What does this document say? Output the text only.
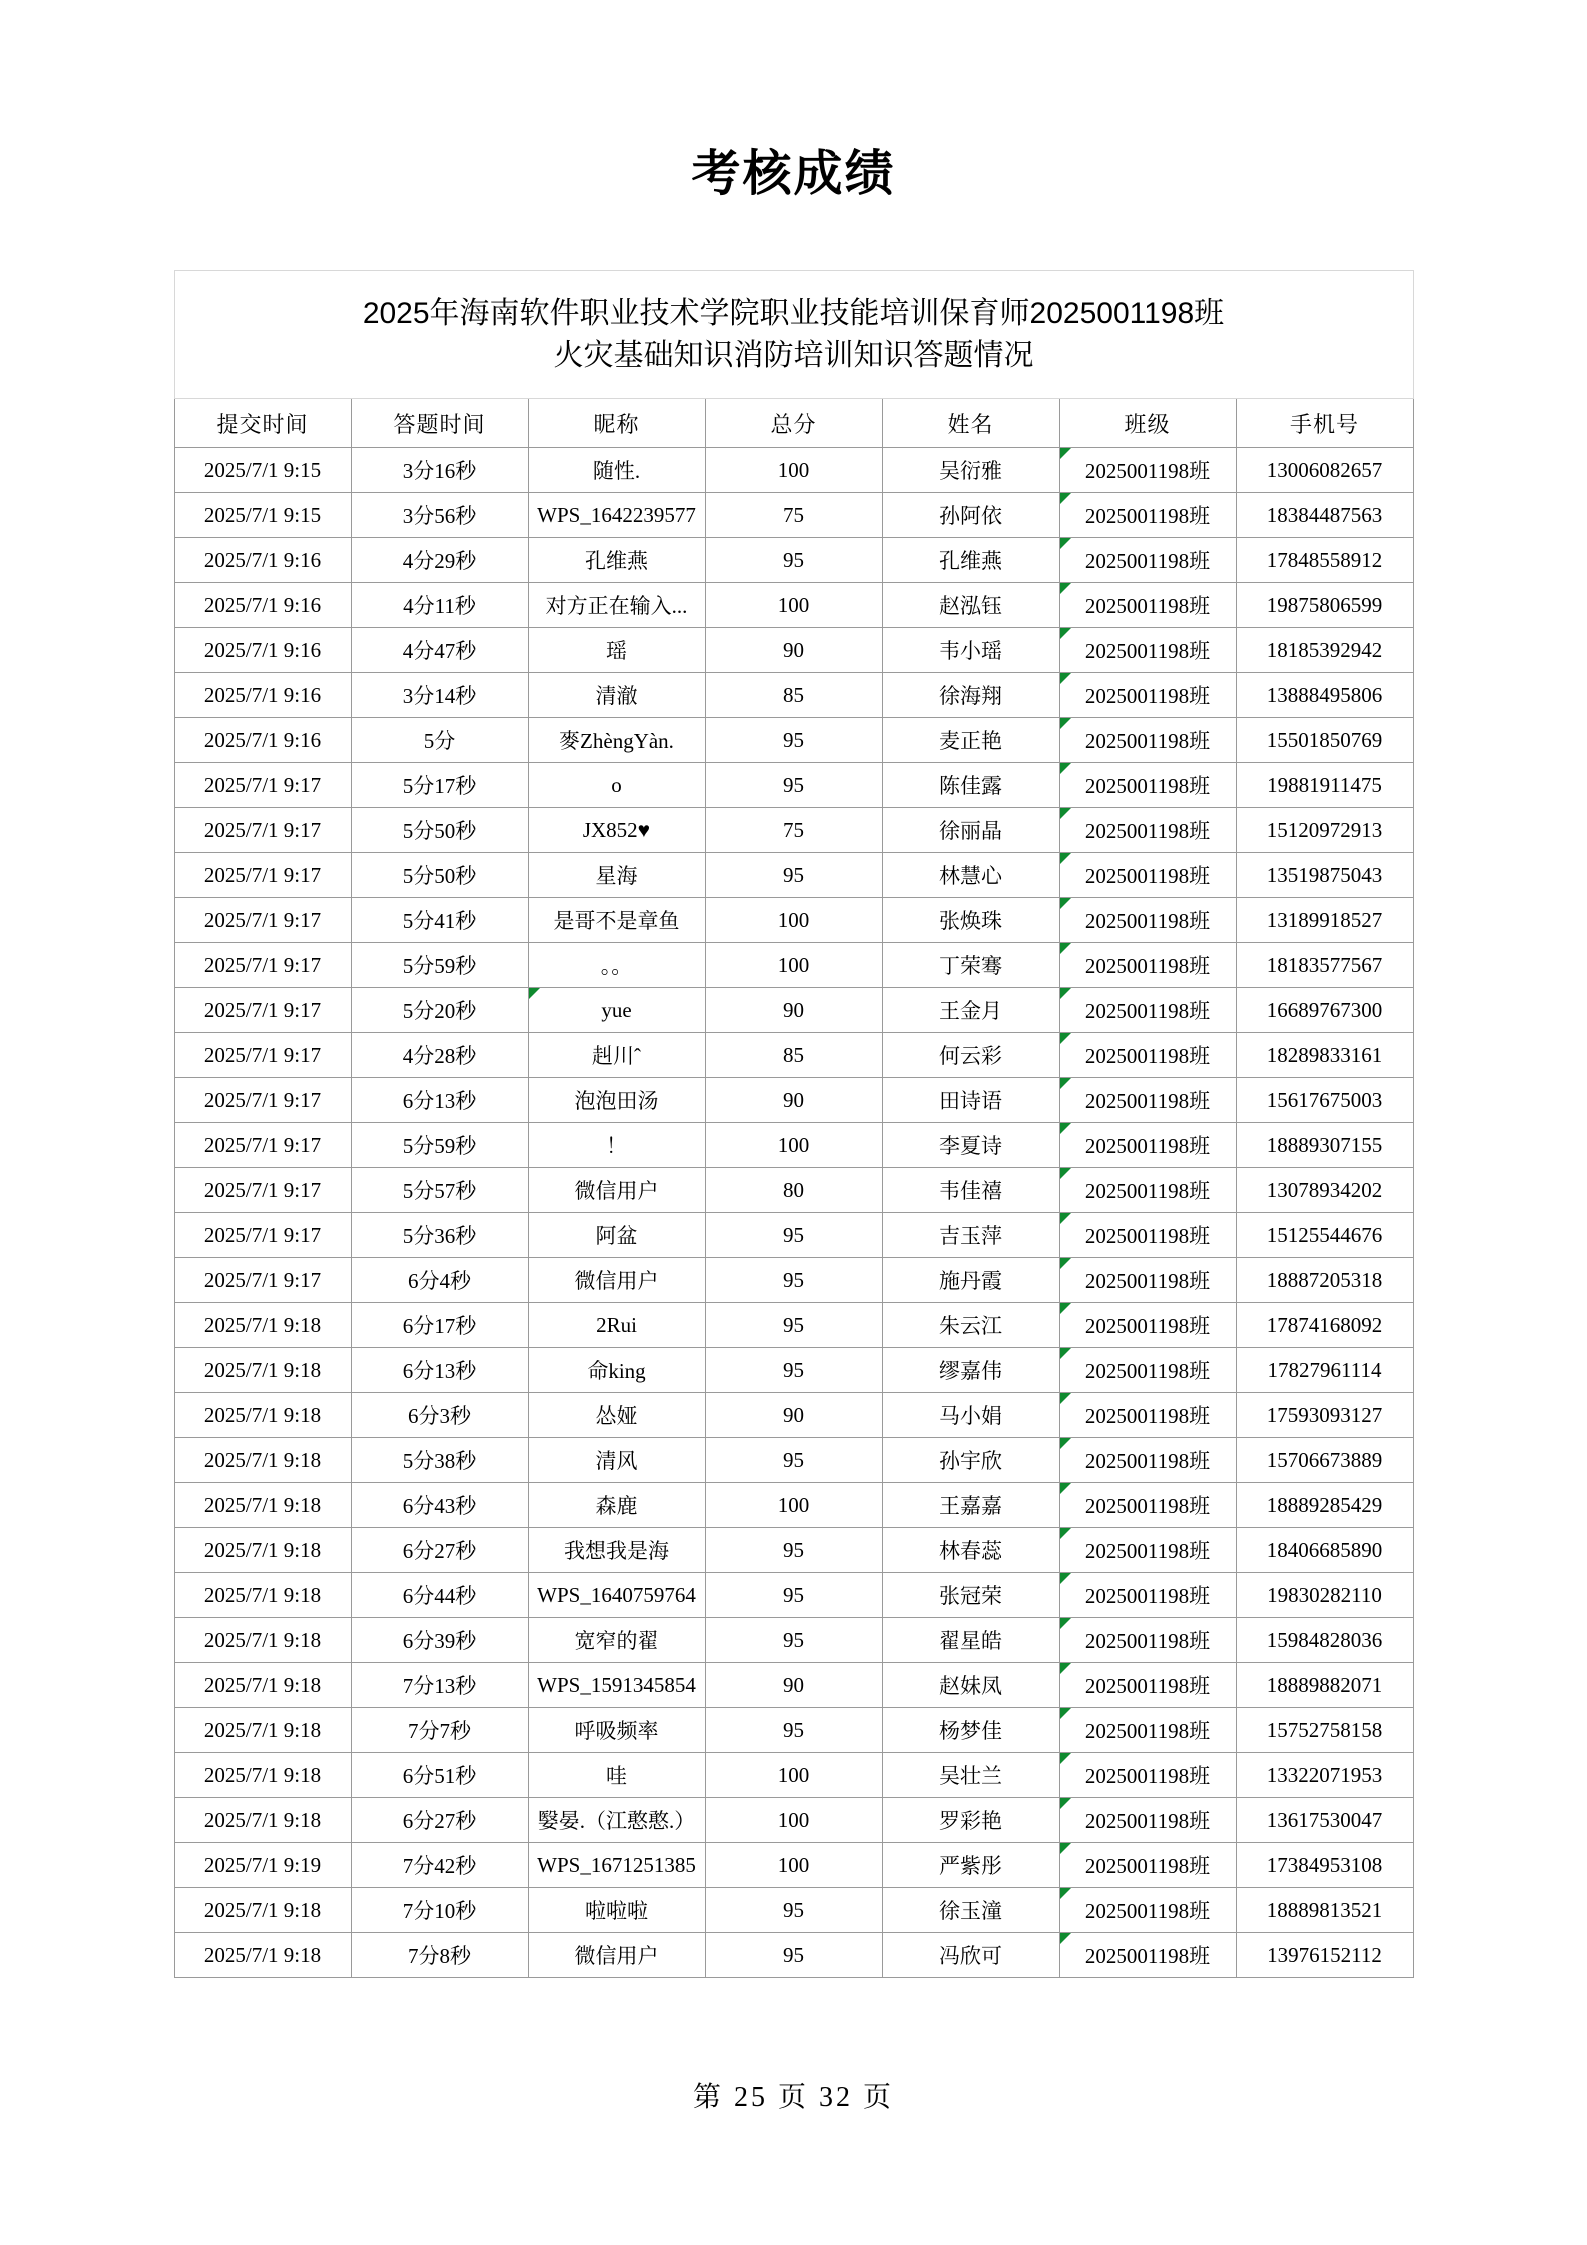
考核成绩
2025年海南软件职业技术学院职业技能培训保育师2025001198班
火灾基础知识消防培训知识答题情况						

提交时间	答题时间	昵称	总分	姓名	班级	手机号

2025/7/1 9:15	3分16秒	随性.	100	吴衍雅	2025001198班	13006082657

2025/7/1 9:15	3分56秒	WPS_1642239577	75	孙阿依	2025001198班	18384487563

2025/7/1 9:16	4分29秒	孔维燕	95	孔维燕	2025001198班	17848558912

2025/7/1 9:16	4分11秒	对方正在输入...	100	赵泓钰	2025001198班	19875806599

2025/7/1 9:16	4分47秒	瑶	90	韦小瑶	2025001198班	18185392942

2025/7/1 9:16	3分14秒	清澈	85	徐海翔	2025001198班	13888495806

2025/7/1 9:16	5分	麥ZhèngYàn.	95	麦正艳	2025001198班	15501850769

2025/7/1 9:17	5分17秒	o	95	陈佳露	2025001198班	19881911475

2025/7/1 9:17	5分50秒	JX852♥	75	徐丽晶	2025001198班	15120972913

2025/7/1 9:17	5分50秒	星海	95	林慧心	2025001198班	13519875043

2025/7/1 9:17	5分41秒	是哥不是章鱼	100	张焕珠	2025001198班	13189918527

2025/7/1 9:17	5分59秒	。。	100	丁荣骞	2025001198班	18183577567

2025/7/1 9:17	5分20秒	yue	90	王金月	2025001198班	16689767300

2025/7/1 9:17	4分28秒	赳川ˆ	85	何云彩	2025001198班	18289833161

2025/7/1 9:17	6分13秒	泡泡田汤	90	田诗语	2025001198班	15617675003

2025/7/1 9:17	5分59秒	！	100	李夏诗	2025001198班	18889307155

2025/7/1 9:17	5分57秒	微信用户	80	韦佳禧	2025001198班	13078934202

2025/7/1 9:17	5分36秒	阿盆	95	吉玉萍	2025001198班	15125544676

2025/7/1 9:17	6分4秒	微信用户	95	施丹霞	2025001198班	18887205318

2025/7/1 9:18	6分17秒	2Rui	95	朱云江	2025001198班	17874168092

2025/7/1 9:18	6分13秒	命king	95	缪嘉伟	2025001198班	17827961114

2025/7/1 9:18	6分3秒	怂娅	90	马小娟	2025001198班	17593093127

2025/7/1 9:18	5分38秒	清风	95	孙宇欣	2025001198班	15706673889

2025/7/1 9:18	6分43秒	森鹿	100	王嘉嘉	2025001198班	18889285429

2025/7/1 9:18	6分27秒	我想我是海	95	林春蕊	2025001198班	18406685890

2025/7/1 9:18	6分44秒	WPS_1640759764	95	张冠荣	2025001198班	19830282110

2025/7/1 9:18	6分39秒	宽窄的翟	95	翟星皓	2025001198班	15984828036

2025/7/1 9:18	7分13秒	WPS_1591345854	90	赵妹凤	2025001198班	18889882071

2025/7/1 9:18	7分7秒	呼吸频率	95	杨梦佳	2025001198班	15752758158

2025/7/1 9:18	6分51秒	哇	100	吴壮兰	2025001198班	13322071953

2025/7/1 9:18	6分27秒	嫛晏.（江憨憨.）	100	罗彩艳	2025001198班	13617530047

2025/7/1 9:19	7分42秒	WPS_1671251385	100	严紫彤	2025001198班	17384953108

2025/7/1 9:18	7分10秒	啦啦啦	95	徐玉潼	2025001198班	18889813521

2025/7/1 9:18	7分8秒	微信用户	95	冯欣可	2025001198班	13976152112
第 25 页 32 页
